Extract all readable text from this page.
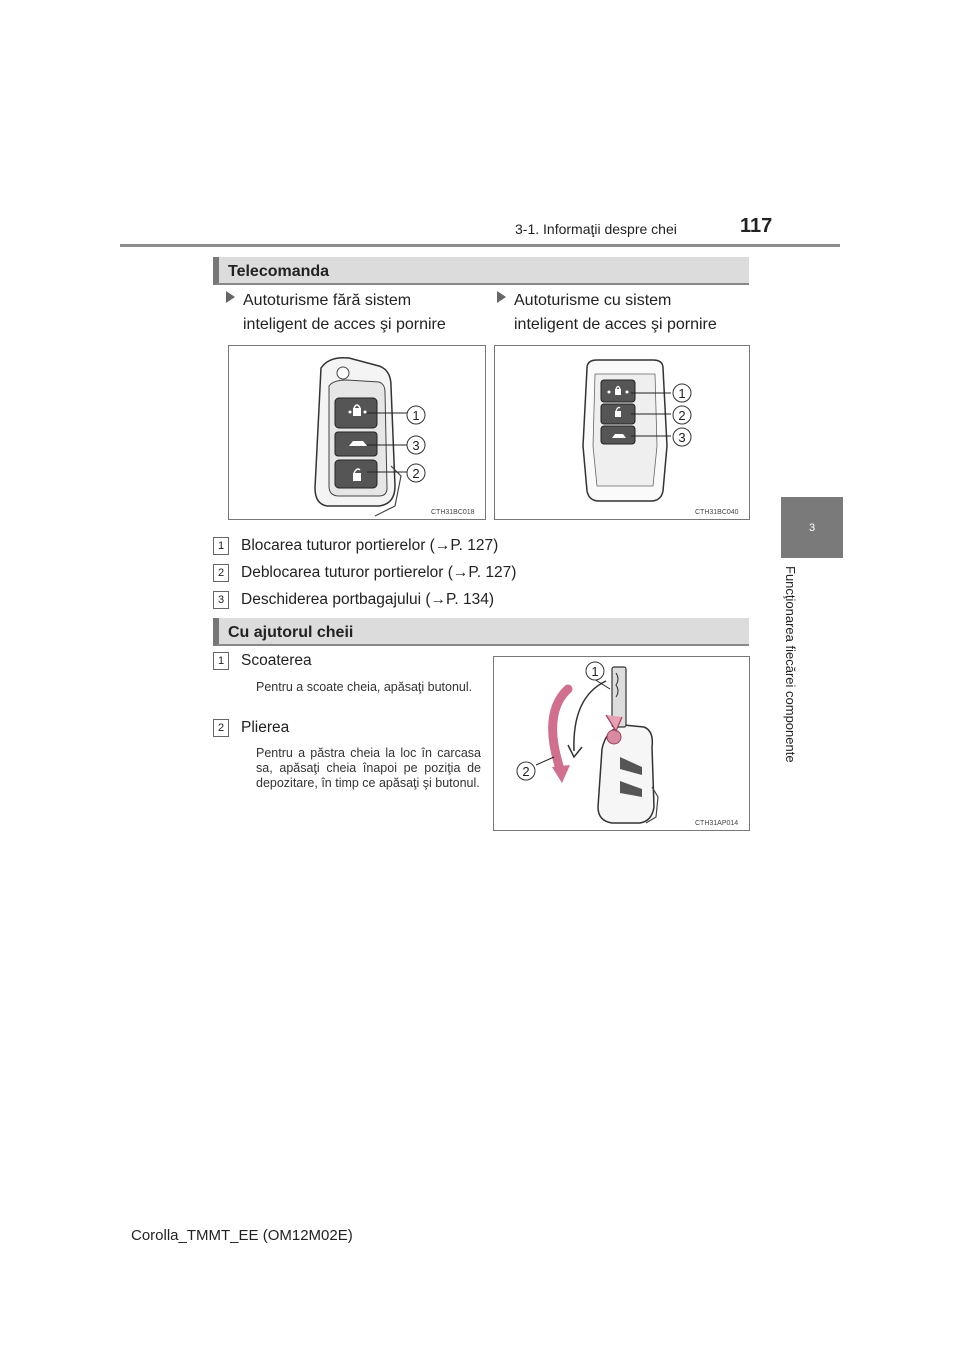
3-1. Informaţii despre chei	117
3
Funcţionarea fiecărei componente
Telecomanda
Autoturisme fără sistem
inteligent de acces şi pornire
Autoturisme cu sistem
inteligent de acces şi pornire
1
3
2
CTH31BC018
1
2
3
CTH31BC040
1 Blocarea tuturor portierelor (→P. 127)
2 Deblocarea tuturor portierelor (→P. 127)
3 Deschiderea portbagajului (→P. 134)
Cu ajutorul cheii
1 Scoaterea
Pentru a scoate cheia, apăsaţi butonul.
2 Plierea
Pentru a păstra cheia la loc în carcasa sa, apăsaţi cheia înapoi pe poziţia de depozitare, în timp ce apăsaţi şi butonul.
1
2
CTH31AP014
Corolla_TMMT_EE (OM12M02E)
